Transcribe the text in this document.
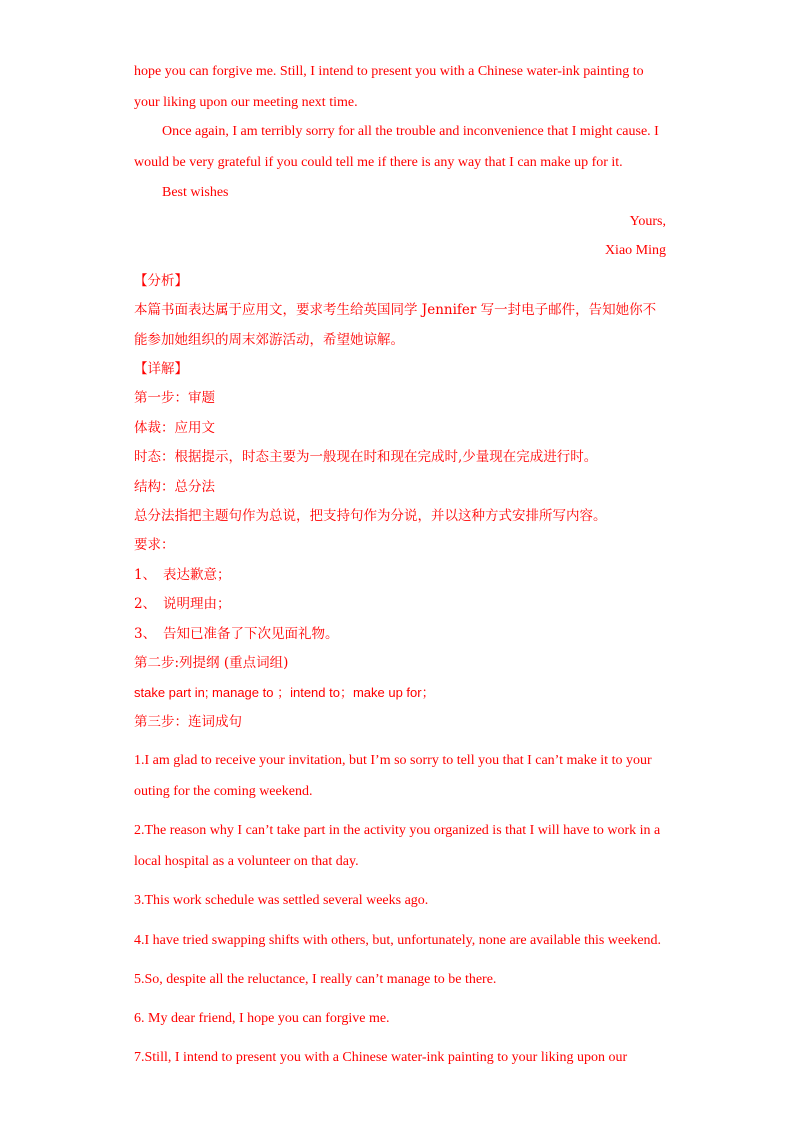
hope you can forgive me. Still, I intend to present you with a Chinese water-ink painting to
your liking upon our meeting next time.
Once again, I am terribly sorry for all the trouble and inconvenience that I might cause. I
would be very grateful if you could tell me if there is any way that I can make up for it.
Best wishes
Yours,
Xiao Ming
【分析】
本篇书面表达属于应用文，要求考生给英国同学 Jennifer 写一封电子邮件，告知她你不
能参加她组织的周末郊游活动，希望她谅解。
【详解】
第一步：审题
体裁：应用文
时态：根据提示，时态主要为一般现在时和现在完成时,少量现在完成进行时。
结构：总分法
总分法指把主题句作为总说，把支持句作为分说，并以这种方式安排所写内容。
要求：
1、 表达歉意；
2、 说明理由；
3、 告知已准备了下次见面礼物。
第二步:列提纲 (重点词组)
stake part in; manage to ；intend to；make up for；
第三步：连词成句
1.I am glad to receive your invitation, but I’m so sorry to tell you that I can’t make it to your
outing for the coming weekend.
2.The reason why I can’t take part in the activity you organized is that I will have to work in a
local hospital as a volunteer on that day.
3.This work schedule was settled several weeks ago.
4.I have tried swapping shifts with others, but, unfortunately, none are available this weekend.
5.So, despite all the reluctance, I really can’t manage to be there.
6. My dear friend, I hope you can forgive me.
7.Still, I intend to present you with a Chinese water-ink painting to your liking upon our
